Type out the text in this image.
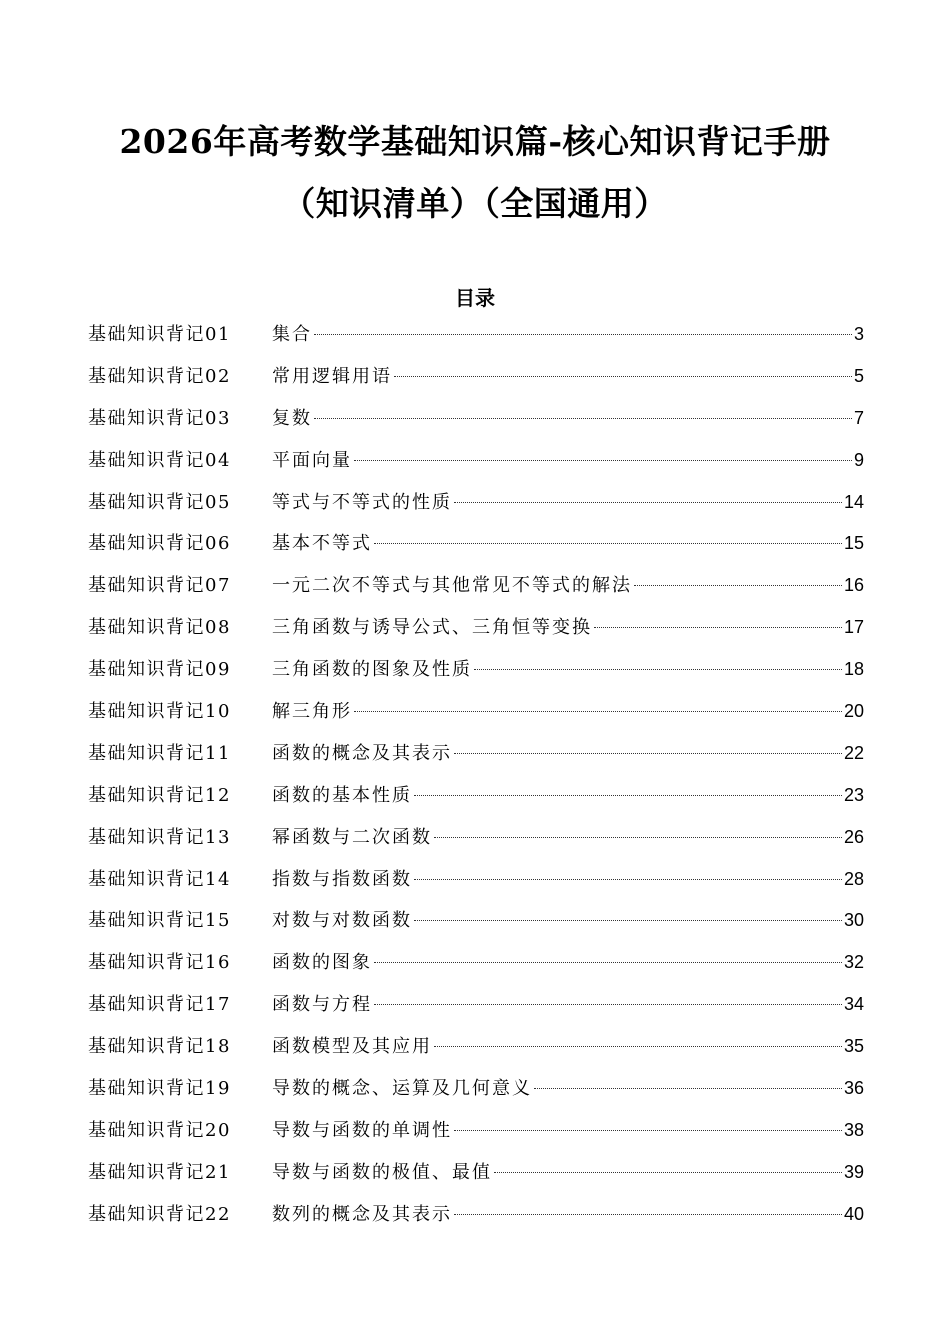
2026年高考数学基础知识篇-核心知识背记手册
（知识清单）（全国通用）
目录
基础知识背记01	集合	3
基础知识背记02	常用逻辑用语	5
基础知识背记03	复数	7
基础知识背记04	平面向量	9
基础知识背记05	等式与不等式的性质	14
基础知识背记06	基本不等式	15
基础知识背记07	一元二次不等式与其他常见不等式的解法	16
基础知识背记08	三角函数与诱导公式、三角恒等变换	17
基础知识背记09	三角函数的图象及性质	18
基础知识背记10	解三角形	20
基础知识背记11	函数的概念及其表示	22
基础知识背记12	函数的基本性质	23
基础知识背记13	幂函数与二次函数	26
基础知识背记14	指数与指数函数	28
基础知识背记15	对数与对数函数	30
基础知识背记16	函数的图象	32
基础知识背记17	函数与方程	34
基础知识背记18	函数模型及其应用	35
基础知识背记19	导数的概念、运算及几何意义	36
基础知识背记20	导数与函数的单调性	38
基础知识背记21	导数与函数的极值、最值	39
基础知识背记22	数列的概念及其表示	40
